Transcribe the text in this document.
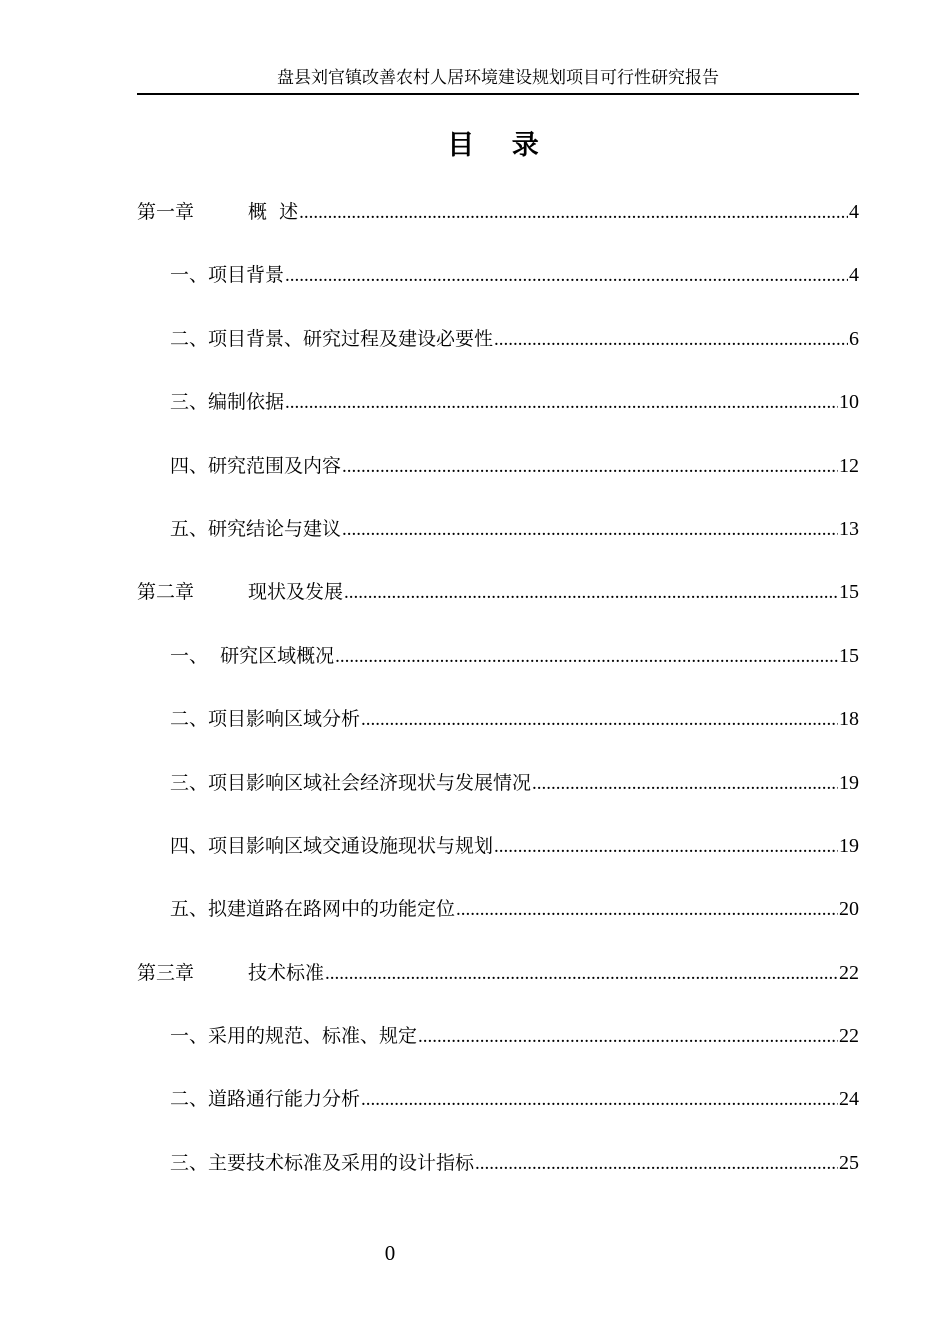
盘县刘官镇改善农村人居环境建设规划项目可行性研究报告
目 录
第一章	概  述 .....	4
一、项目背景 .....	4
二、项目背景、研究过程及建设必要性 .....	6
三、编制依据 .....	10
四、研究范围及内容 .....	12
五、研究结论与建议 .....	13
第二章	现状及发展 .....	15
一、  研究区域概况 .....	15
二、项目影响区域分析 .....	18
三、项目影响区域社会经济现状与发展情况 .....	19
四、项目影响区域交通设施现状与规划 .....	19
五、拟建道路在路网中的功能定位 .....	20
第三章	技术标准 .....	22
一、采用的规范、标准、规定 .....	22
二、道路通行能力分析 .....	24
三、主要技术标准及采用的设计指标 .....	25
0
